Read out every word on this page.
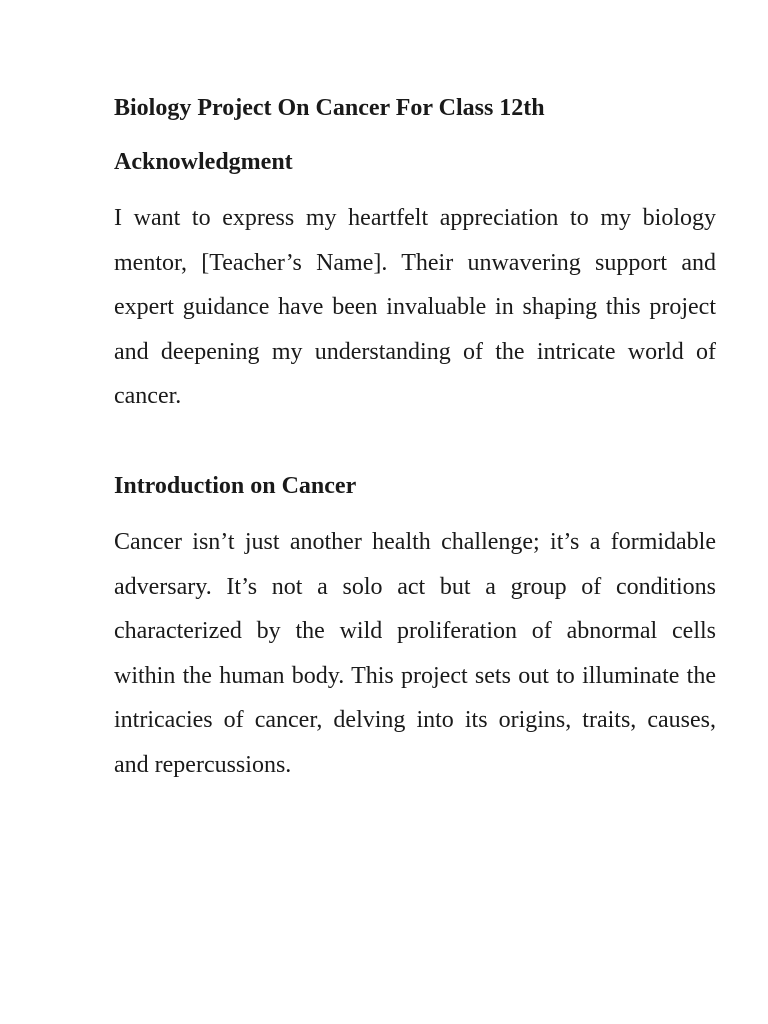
Biology Project On Cancer For Class 12th
Acknowledgment

I want to express my heartfelt appreciation to my biology mentor, [Teacher’s Name]. Their unwavering support and expert guidance have been invaluable in shaping this project and deepening my understanding of the intricate world of cancer.

Introduction on Cancer

Cancer isn’t just another health challenge; it’s a formidable adversary. It’s not a solo act but a group of conditions characterized by the wild proliferation of abnormal cells within the human body. This project sets out to illuminate the intricacies of cancer, delving into its origins, traits, causes, and repercussions.
